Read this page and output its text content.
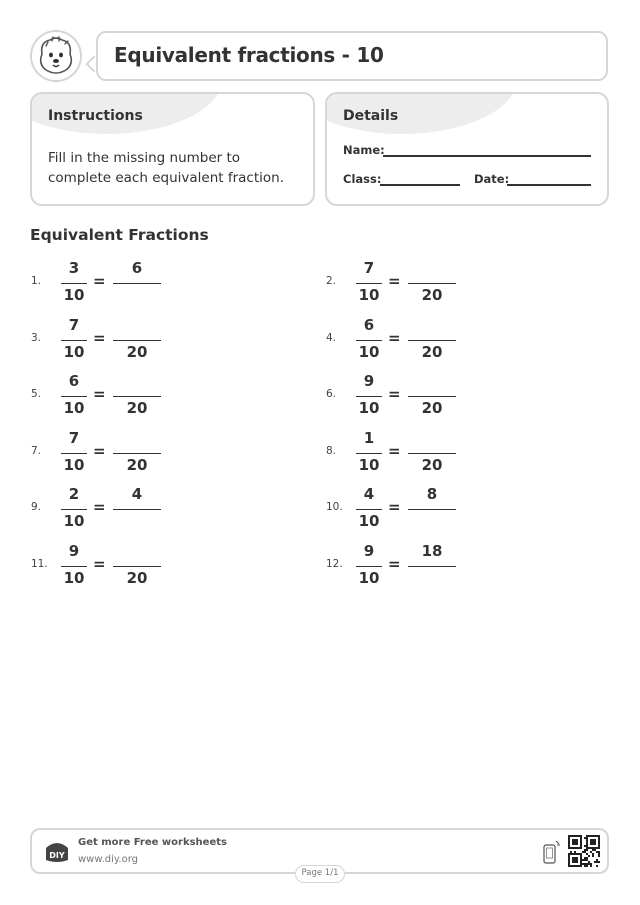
Equivalent fractions - 10
Instructions
Fill in the missing number to complete each equivalent fraction.
Details
Name:
Class:	Date:
Equivalent Fractions
1.
3
10
=
6
2.
7
10
=
20
3.
7
10
=
20
4.
6
10
=
20
5.
6
10
=
20
6.
9
10
=
20
7.
7
10
=
20
8.
1
10
=
20
9.
2
10
=
4
10.
4
10
=
8
11.
9
10
=
20
12.
9
10
=
18
DIY
Get more Free worksheets
www.diy.org
Page 1/1
